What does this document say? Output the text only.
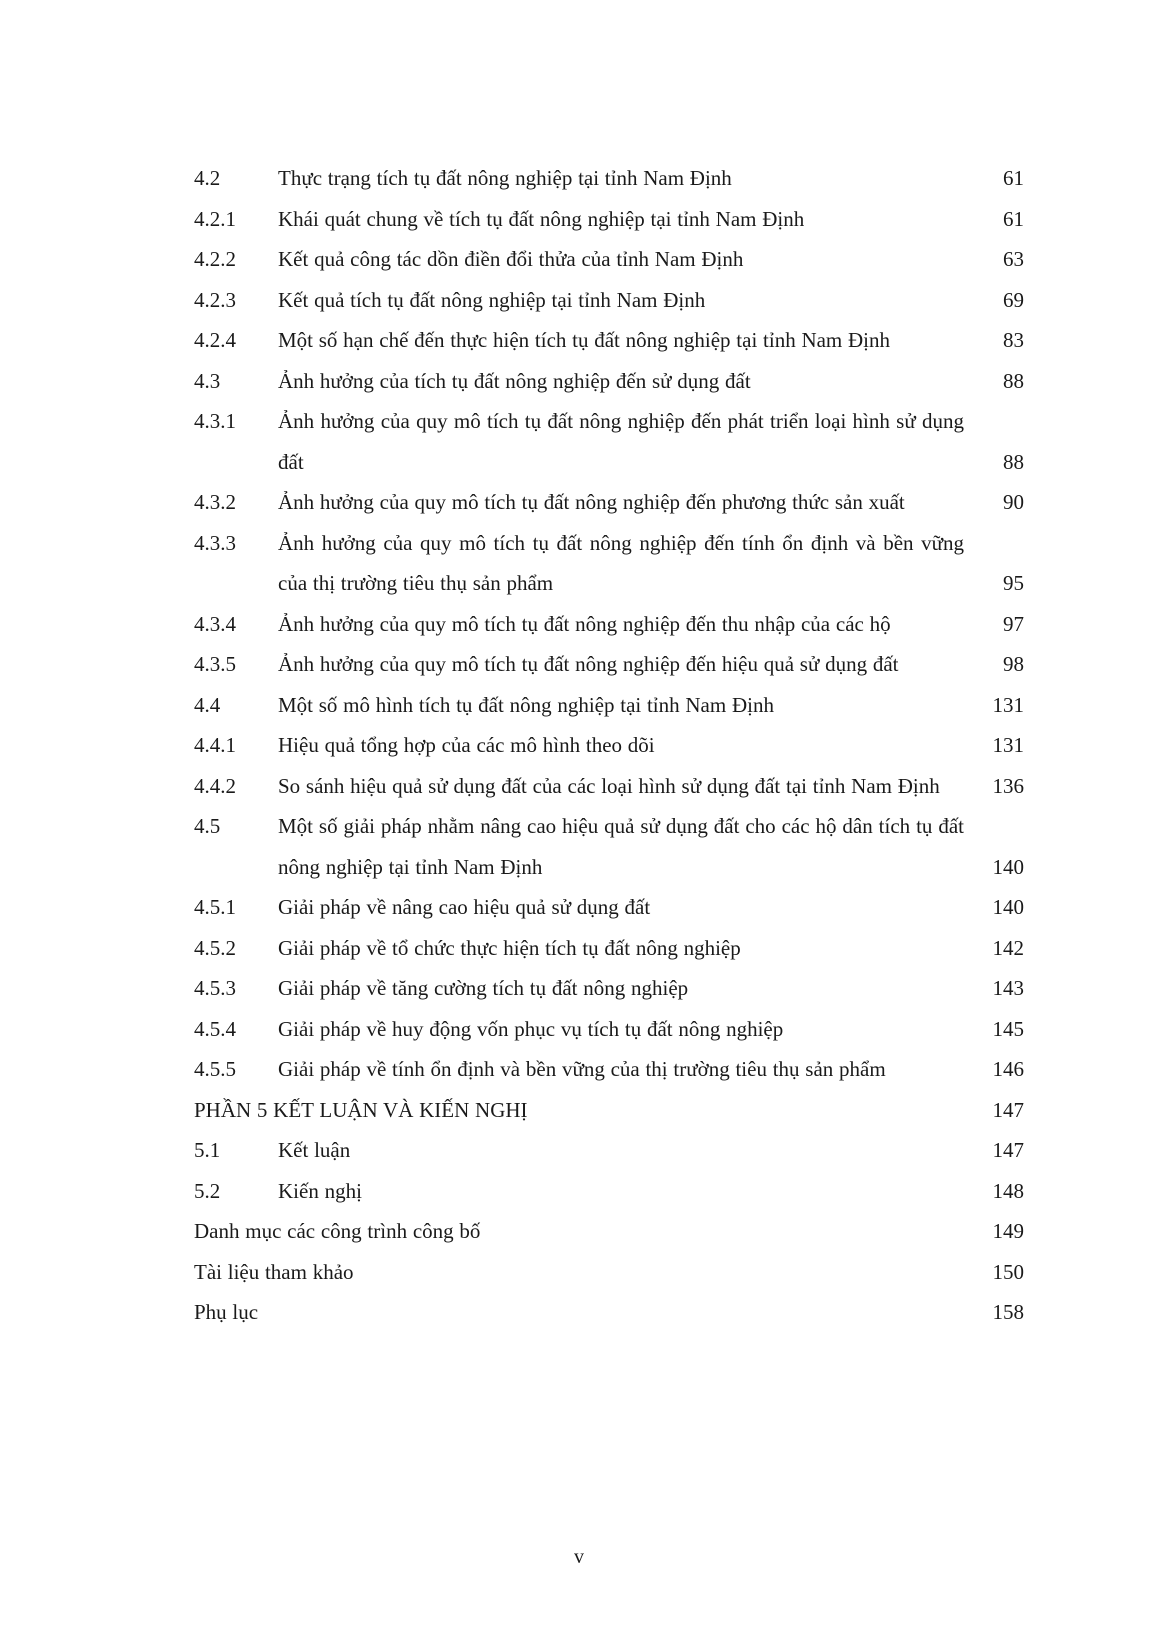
4.2	Thực trạng tích tụ đất nông nghiệp tại tỉnh Nam Định	61
4.2.1 Khái quát chung về tích tụ đất nông nghiệp tại tỉnh Nam Định	61
4.2.2 Kết quả công tác dồn điền đổi thửa của tỉnh Nam Định	63
4.2.3 Kết quả tích tụ đất nông nghiệp tại tỉnh Nam Định	69
4.2.4 Một số hạn chế đến thực hiện tích tụ đất nông nghiệp tại tỉnh Nam Định	83
4.3	Ảnh hưởng của tích tụ đất nông nghiệp đến sử dụng đất	88
4.3.1 Ảnh hưởng của quy mô tích tụ đất nông nghiệp đến phát triển loại hình sử dụng đất	88
4.3.2 Ảnh hưởng của quy mô tích tụ đất nông nghiệp đến phương thức sản xuất	90
4.3.3 Ảnh hưởng của quy mô tích tụ đất nông nghiệp đến tính ổn định và bền vững của thị trường tiêu thụ sản phẩm	95
4.3.4 Ảnh hưởng của quy mô tích tụ đất nông nghiệp đến thu nhập của các hộ	97
4.3.5 Ảnh hưởng của quy mô tích tụ đất nông nghiệp đến hiệu quả sử dụng đất	98
4.4	Một số mô hình tích tụ đất nông nghiệp tại tỉnh Nam Định	131
4.4.1 Hiệu quả tổng hợp của các mô hình theo dõi	131
4.4.2 So sánh hiệu quả sử dụng đất của các loại hình sử dụng đất tại tỉnh Nam Định	136
4.5	Một số giải pháp nhằm nâng cao hiệu quả sử dụng đất cho các hộ dân tích tụ đất nông nghiệp tại tỉnh Nam Định	140
4.5.1 Giải pháp về nâng cao hiệu quả sử dụng đất	140
4.5.2 Giải pháp về tổ chức thực hiện tích tụ đất nông nghiệp	142
4.5.3 Giải pháp về tăng cường tích tụ đất nông nghiệp	143
4.5.4 Giải pháp về huy động vốn phục vụ tích tụ đất nông nghiệp	145
4.5.5 Giải pháp về tính ổn định và bền vững của thị trường tiêu thụ sản phẩm	146
PHẦN 5 KẾT LUẬN VÀ KIẾN NGHỊ	147
5.1	Kết luận	147
5.2	Kiến nghị	148
Danh mục các công trình công bố	149
Tài liệu tham khảo	150
Phụ lục	158
v
